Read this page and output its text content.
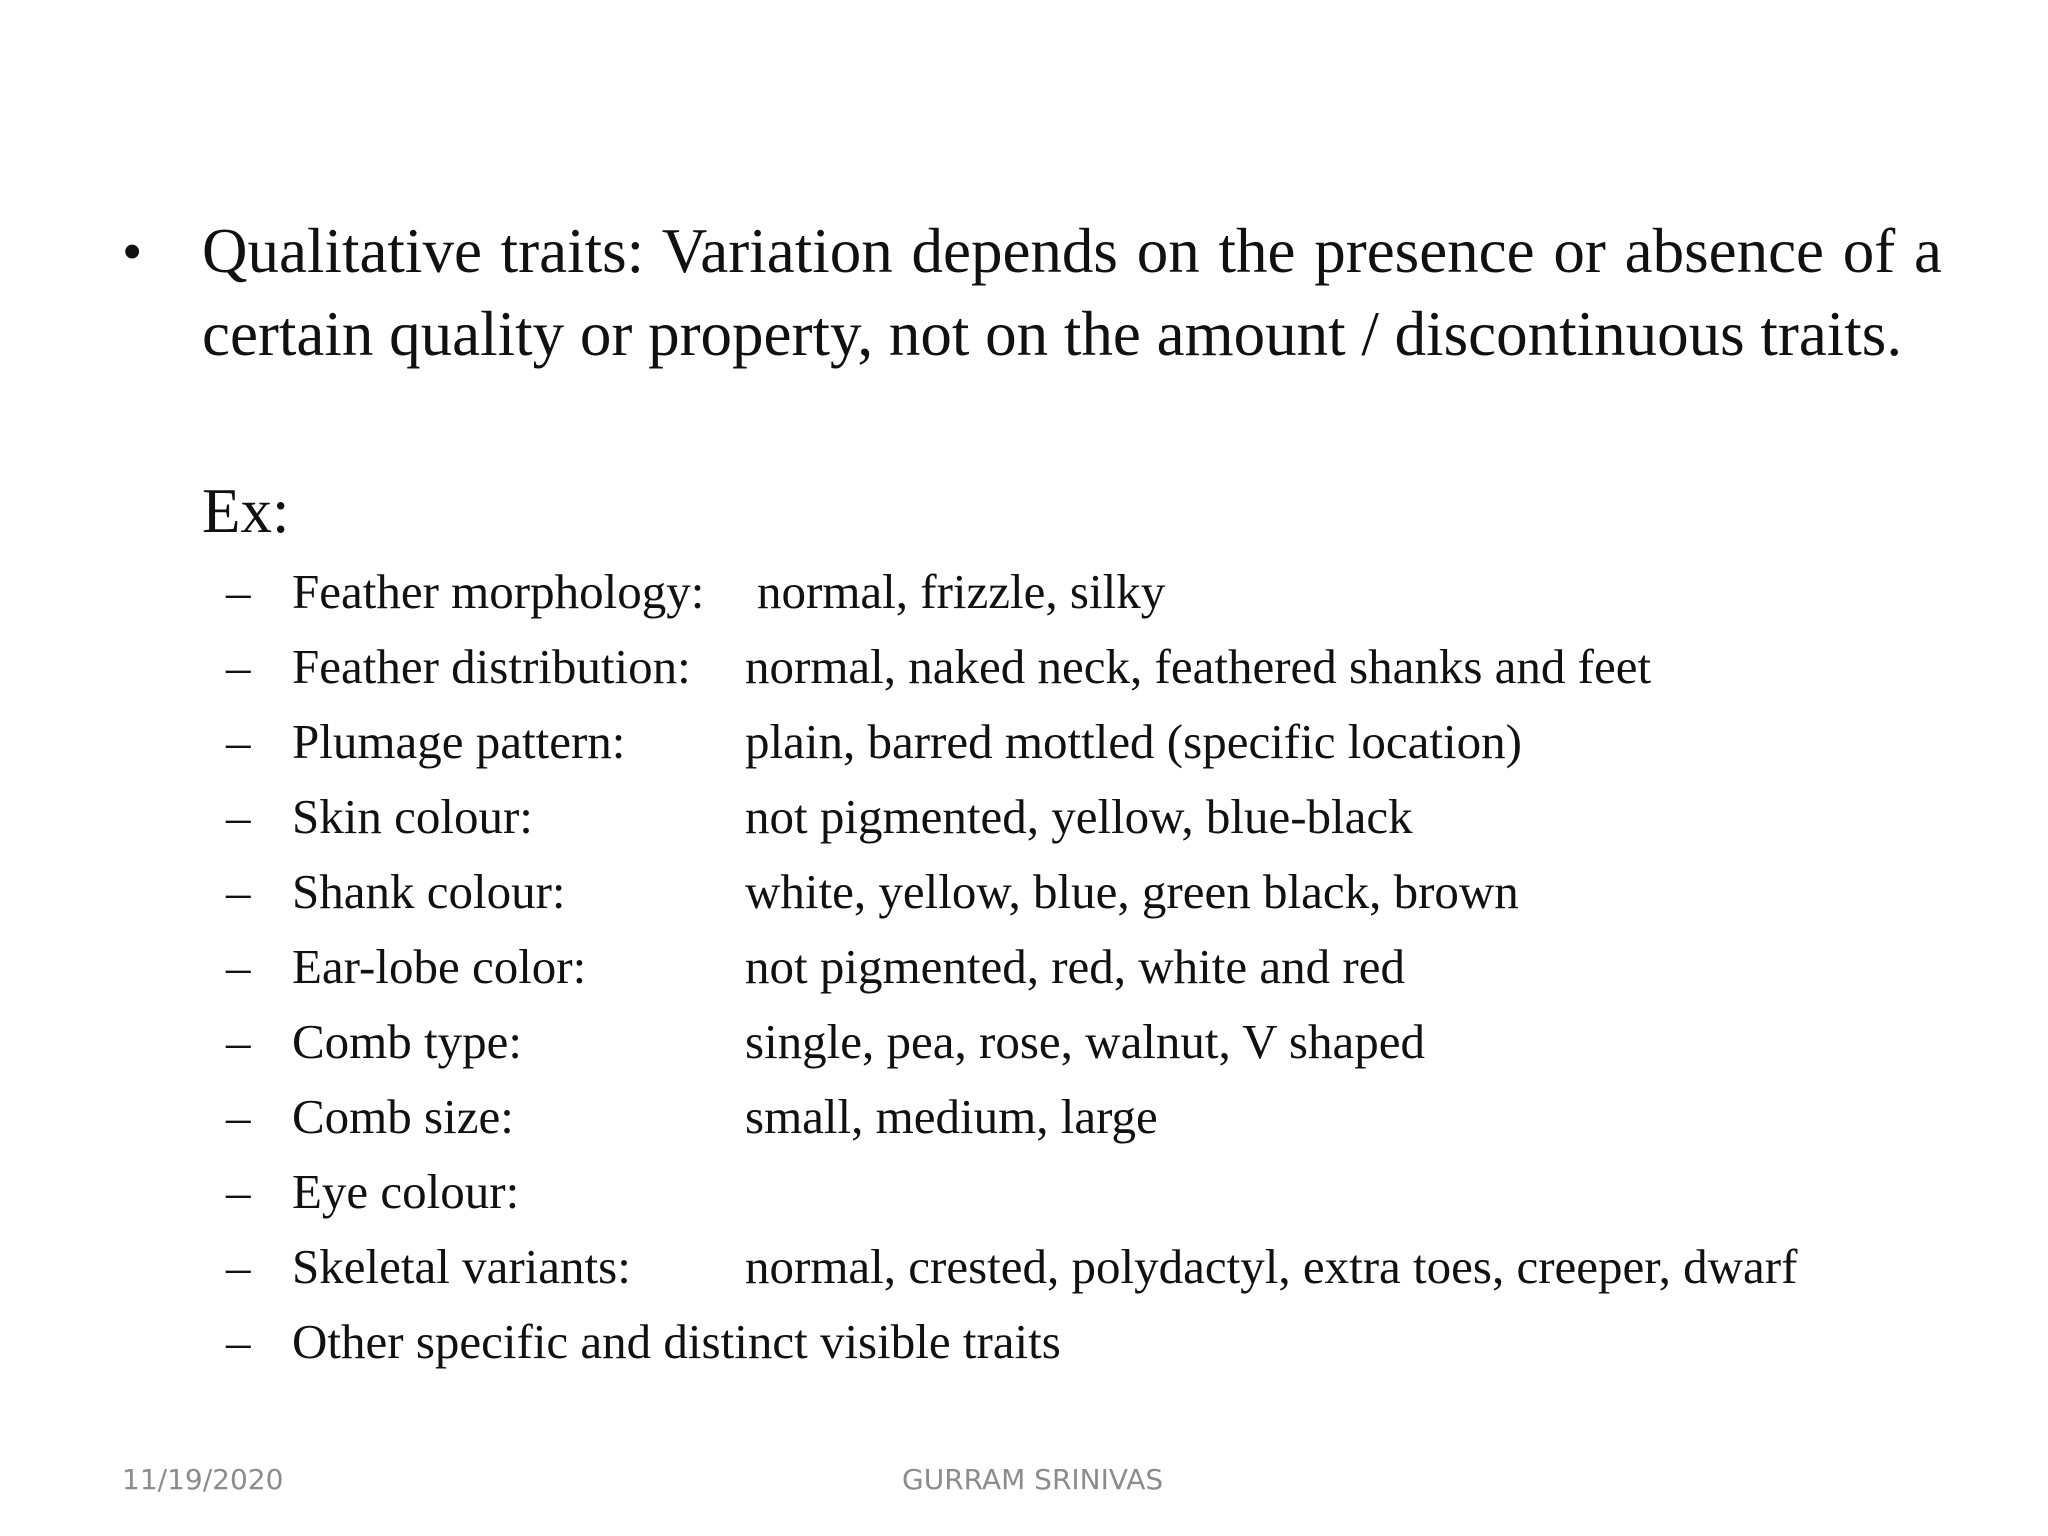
• Qualitative traits: Variation depends on the presence or absence of a certain quality or property, not on the amount / discontinuous traits.
Ex:
– Feather morphology: normal, frizzle, silky
– Feather distribution: normal, naked neck, feathered shanks and feet
– Plumage pattern: plain, barred mottled (specific location)
– Skin colour:	not pigmented, yellow, blue-black
– Shank colour:	white, yellow, blue, green black, brown
– Ear-lobe color:	not pigmented, red, white and red
– Comb type:	single, pea, rose, walnut, V shaped
– Comb size:	small, medium, large
– Eye colour:
– Skeletal variants: normal, crested, polydactyl, extra toes, creeper, dwarf
– Other specific and distinct visible traits
11/19/2020	GURRAM SRINIVAS
